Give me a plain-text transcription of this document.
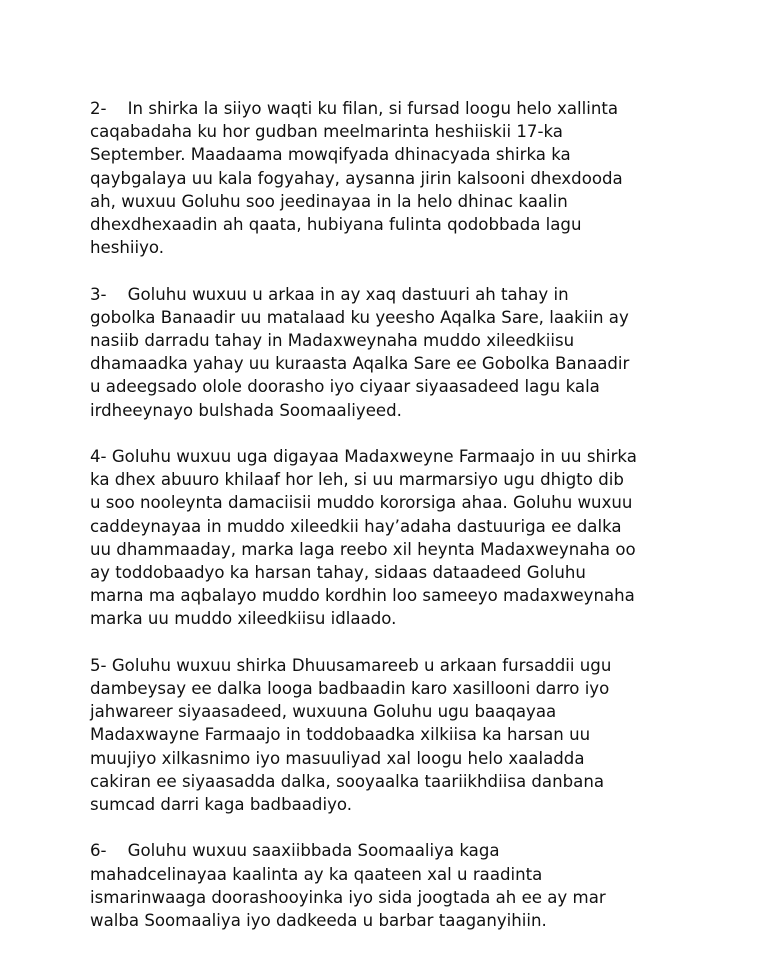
2-    In shirka la siiyo waqti ku filan, si fursad loogu helo xallinta
caqabadaha ku hor gudban meelmarinta heshiiskii 17-ka
September. Maadaama mowqifyada dhinacyada shirka ka
qaybgalaya uu kala fogyahay, aysanna jirin kalsooni dhexdooda
ah, wuxuu Goluhu soo jeedinayaa in la helo dhinac kaalin
dhexdhexaadin ah qaata, hubiyana fulinta qodobbada lagu
heshiiyo.
3-    Goluhu wuxuu u arkaa in ay xaq dastuuri ah tahay in
gobolka Banaadir uu matalaad ku yeesho Aqalka Sare, laakiin ay
nasiib darradu tahay in Madaxweynaha muddo xileedkiisu
dhamaadka yahay uu kuraasta Aqalka Sare ee Gobolka Banaadir
u adeegsado olole doorasho iyo ciyaar siyaasadeed lagu kala
irdheeynayo bulshada Soomaaliyeed.
4- Goluhu wuxuu uga digayaa Madaxweyne Farmaajo in uu shirka
ka dhex abuuro khilaaf hor leh, si uu marmarsiyo ugu dhigto dib
u soo nooleynta damaciisii muddo kororsiga ahaa. Goluhu wuxuu
caddeynayaa in muddo xileedkii hay’adaha dastuuriga ee dalka
uu dhammaaday, marka laga reebo xil heynta Madaxweynaha oo
ay toddobaadyo ka harsan tahay, sidaas dataadeed Goluhu
marna ma aqbalayo muddo kordhin loo sameeyo madaxweynaha
marka uu muddo xileedkiisu idlaado.
5- Goluhu wuxuu shirka Dhuusamareeb u arkaan fursaddii ugu
dambeysay ee dalka looga badbaadin karo xasillooni darro iyo
jahwareer siyaasadeed, wuxuuna Goluhu ugu baaqayaa
Madaxwayne Farmaajo in toddobaadka xilkiisa ka harsan uu
muujiyo xilkasnimo iyo masuuliyad xal loogu helo xaaladda
cakiran ee siyaasadda dalka, sooyaalka taariikhdiisa danbana
sumcad darri kaga badbaadiyo.
6-    Goluhu wuxuu saaxiibbada Soomaaliya kaga
mahadcelinayaa kaalinta ay ka qaateen xal u raadinta
ismarinwaaga doorashooyinka iyo sida joogtada ah ee ay mar
walba Soomaaliya iyo dadkeeda u barbar taaganyihiin.
